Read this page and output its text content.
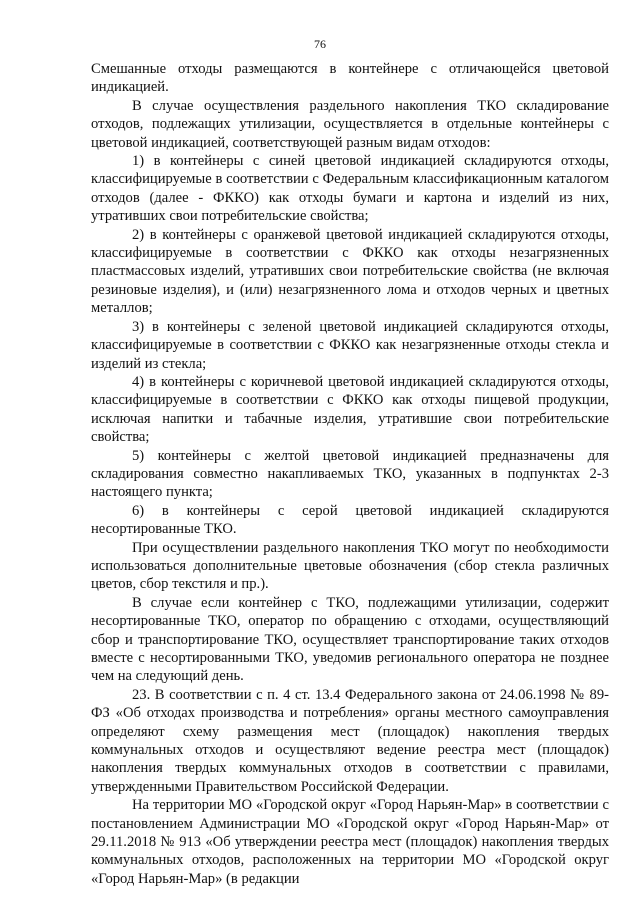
76

Смешанные отходы размещаются в контейнере с отличающейся цветовой индикацией.

В случае осуществления раздельного накопления ТКО складирование отходов, подлежащих утилизации, осуществляется в отдельные контейнеры с цветовой индикацией, соответствующей разным видам отходов:

1) в контейнеры с синей цветовой индикацией складируются отходы, классифицируемые в соответствии с Федеральным классификационным каталогом отходов (далее - ФККО) как отходы бумаги и картона и изделий из них, утративших свои потребительские свойства;

2) в контейнеры с оранжевой цветовой индикацией складируются отходы, классифицируемые в соответствии с ФККО как отходы незагрязненных пластмассовых изделий, утративших свои потребительские свойства (не включая резиновые изделия), и (или) незагрязненного лома и отходов черных и цветных металлов;

3) в контейнеры с зеленой цветовой индикацией складируются отходы, классифицируемые в соответствии с ФККО как незагрязненные отходы стекла и изделий из стекла;

4) в контейнеры с коричневой цветовой индикацией складируются отходы, классифицируемые в соответствии с ФККО как отходы пищевой продукции, исключая напитки и табачные изделия, утратившие свои потребительские свойства;

5) контейнеры с желтой цветовой индикацией предназначены для складирования совместно накапливаемых ТКО, указанных в подпунктах 2-3 настоящего пункта;

6) в контейнеры с серой цветовой индикацией складируются несортированные ТКО.

При осуществлении раздельного накопления ТКО могут по необходимости использоваться дополнительные цветовые обозначения (сбор стекла различных цветов, сбор текстиля и пр.).

В случае если контейнер с ТКО, подлежащими утилизации, содержит несортированные ТКО, оператор по обращению с отходами, осуществляющий сбор и транспортирование ТКО, осуществляет транспортирование таких отходов вместе с несортированными ТКО, уведомив регионального оператора не позднее чем на следующий день.

23. В соответствии с п. 4 ст. 13.4 Федерального закона от 24.06.1998 № 89-ФЗ «Об отходах производства и потребления» органы местного самоуправления определяют схему размещения мест (площадок) накопления твердых коммунальных отходов и осуществляют ведение реестра мест (площадок) накопления твердых коммунальных отходов в соответствии с правилами, утвержденными Правительством Российской Федерации.

На территории МО «Городской округ «Город Нарьян-Мар» в соответствии с постановлением Администрации МО «Городской округ «Город Нарьян-Мар» от 29.11.2018 № 913 «Об утверждении реестра мест (площадок) накопления твердых коммунальных отходов, расположенных на территории МО «Городской округ «Город Нарьян-Мар» (в редакции
